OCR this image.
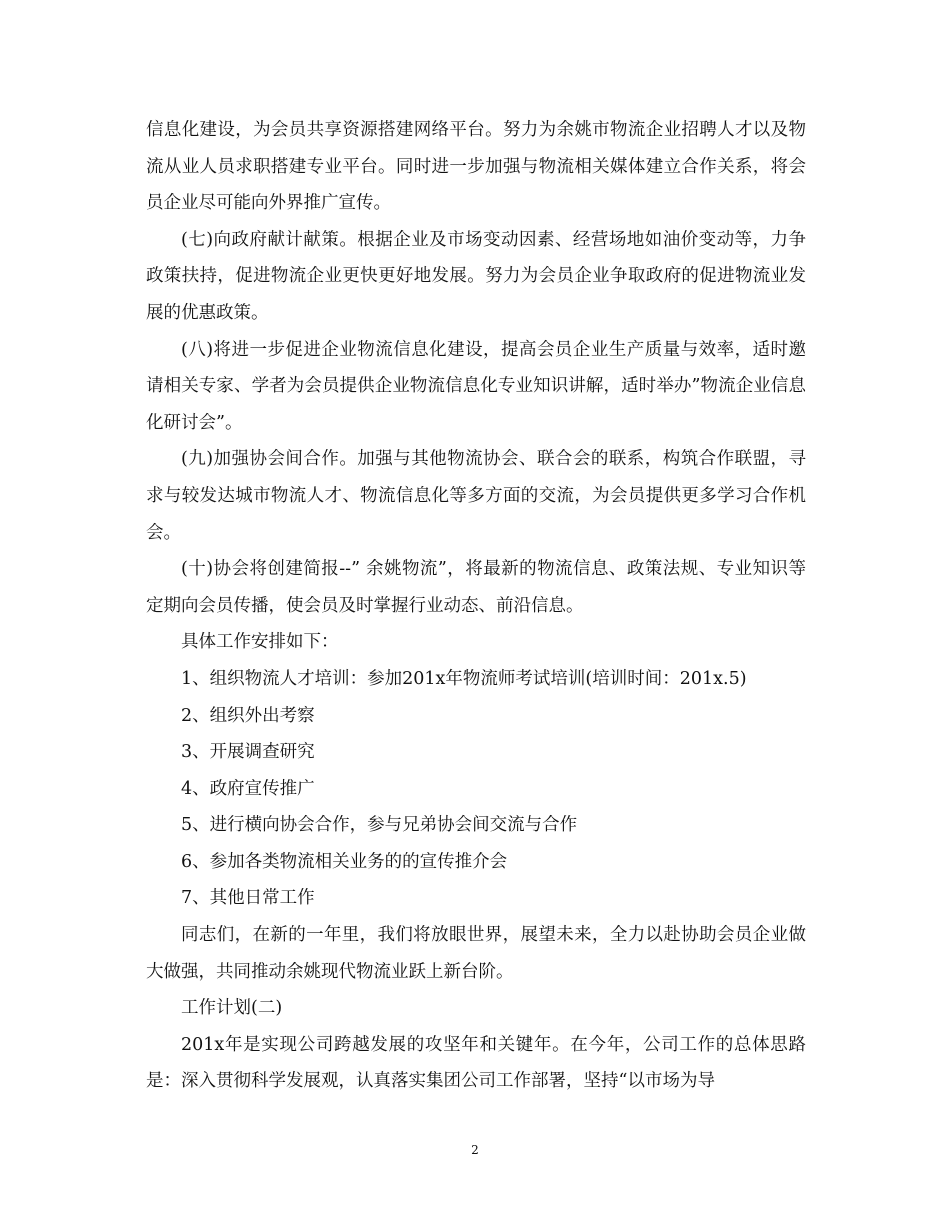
信息化建设，为会员共享资源搭建网络平台。努力为余姚市物流企业招聘人才以及物流从业人员求职搭建专业平台。同时进一步加强与物流相关媒体建立合作关系，将会员企业尽可能向外界推广宣传。

(七)向政府献计献策。根据企业及市场变动因素、经营场地如油价变动等，力争政策扶持，促进物流企业更快更好地发展。努力为会员企业争取政府的促进物流业发展的优惠政策。

(八)将进一步促进企业物流信息化建设，提高会员企业生产质量与效率，适时邀请相关专家、学者为会员提供企业物流信息化专业知识讲解，适时举办”物流企业信息化研讨会”。

(九)加强协会间合作。加强与其他物流协会、联合会的联系，构筑合作联盟，寻求与较发达城市物流人才、物流信息化等多方面的交流，为会员提供更多学习合作机会。

(十)协会将创建简报--” 余姚物流”，将最新的物流信息、政策法规、专业知识等定期向会员传播，使会员及时掌握行业动态、前沿信息。

具体工作安排如下：

1、组织物流人才培训：参加201x年物流师考试培训(培训时间：201x.5)

2、组织外出考察

3、开展调查研究

4、政府宣传推广

5、进行横向协会合作，参与兄弟协会间交流与合作

6、参加各类物流相关业务的的宣传推介会

7、其他日常工作

同志们，在新的一年里，我们将放眼世界，展望未来，全力以赴协助会员企业做大做强，共同推动余姚现代物流业跃上新台阶。

工作计划(二)

201x年是实现公司跨越发展的攻坚年和关键年。在今年，公司工作的总体思路是：深入贯彻科学发展观，认真落实集团公司工作部署，坚持“以市场为导

2
